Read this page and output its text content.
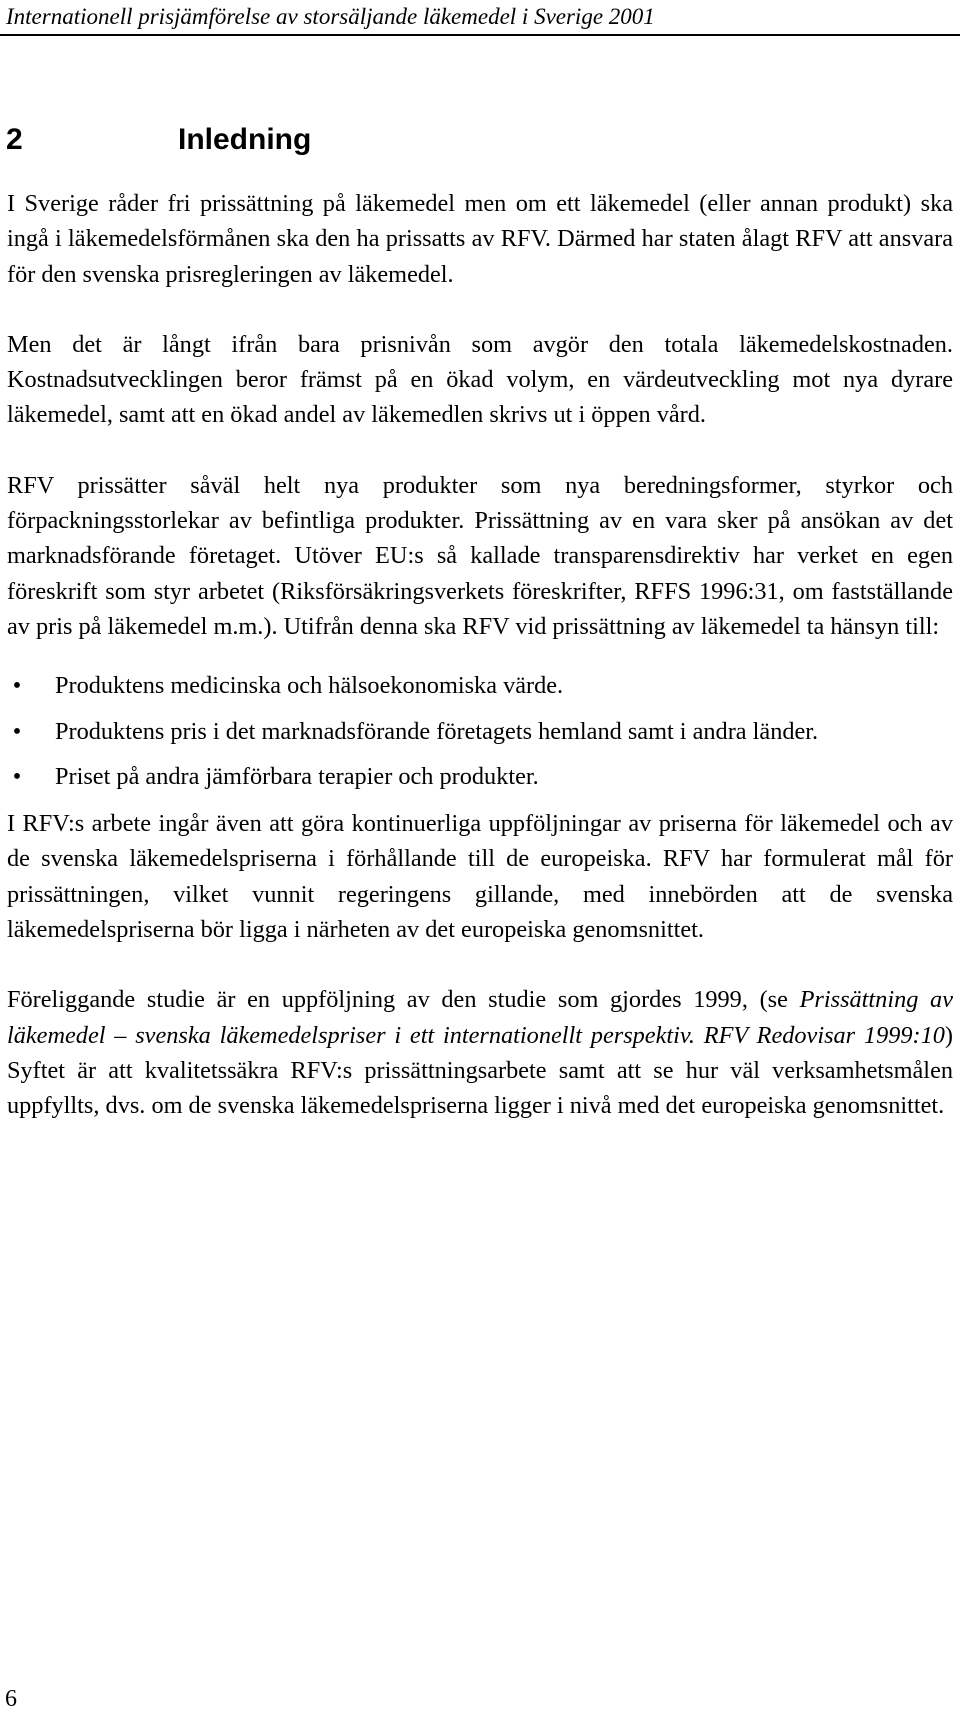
Internationell prisjämförelse av storsäljande läkemedel i Sverige 2001
2	Inledning

I Sverige råder fri prissättning på läkemedel men om ett läkemedel (eller annan produkt) ska ingå i läkemedelsförmånen ska den ha prissatts av RFV. Därmed har staten ålagt RFV att ansvara för den svenska prisregleringen av läkemedel.

Men det är långt ifrån bara prisnivån som avgör den totala läkemedelskostnaden. Kostnadsutvecklingen beror främst på en ökad volym, en värdeutveckling mot nya dyrare läkemedel, samt att en ökad andel av läkemedlen skrivs ut i öppen vård.

RFV prissätter såväl helt nya produkter som nya beredningsformer, styrkor och förpackningsstorlekar av befintliga produkter. Prissättning av en vara sker på ansökan av det marknadsförande företaget. Utöver EU:s så kallade transparensdirektiv har verket en egen föreskrift som styr arbetet (Riksförsäkringsverkets föreskrifter, RFFS 1996:31, om fastställande av pris på läkemedel m.m.). Utifrån denna ska RFV vid prissättning av läkemedel ta hänsyn till:

• Produktens medicinska och hälsoekonomiska värde.
• Produktens pris i det marknadsförande företagets hemland samt i andra länder.
• Priset på andra jämförbara terapier och produkter.

I RFV:s arbete ingår även att göra kontinuerliga uppföljningar av priserna för läkemedel och av de svenska läkemedelspriserna i förhållande till de europeiska. RFV har formulerat mål för prissättningen, vilket vunnit regeringens gillande, med innebörden att de svenska läkemedelspriserna bör ligga i närheten av det europeiska genomsnittet.

Föreliggande studie är en uppföljning av den studie som gjordes 1999, (se Prissättning av läkemedel – svenska läkemedelspriser i ett internationellt perspektiv. RFV Redovisar 1999:10) Syftet är att kvalitetssäkra RFV:s prissättningsarbete samt att se hur väl verksamhetsmålen uppfyllts, dvs. om de svenska läkemedelspriserna ligger i nivå med det europeiska genomsnittet.

6
